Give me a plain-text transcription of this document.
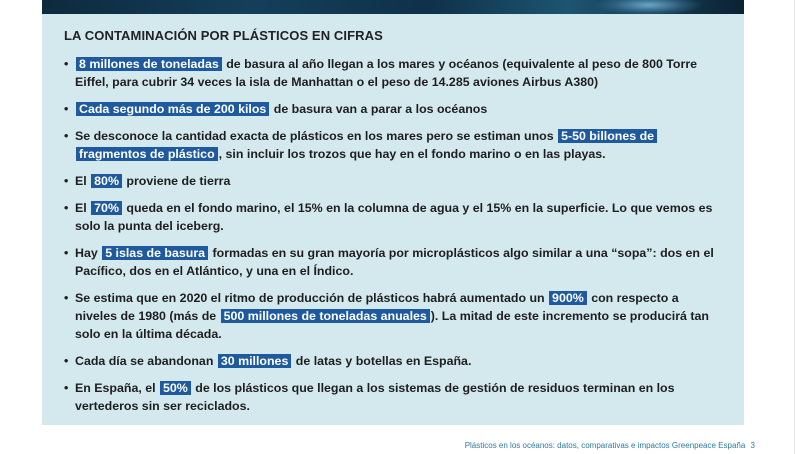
LA CONTAMINACIÓN POR PLÁSTICOS EN CIFRAS
• 8 millones de toneladas de basura al año llegan a los mares y océanos (equivalente al peso de 800 Torre Eiffel, para cubrir 34 veces la isla de Manhattan o el peso de 14.285 aviones Airbus A380)
• Cada segundo más de 200 kilos de basura van a parar a los océanos
• Se desconoce la cantidad exacta de plásticos en los mares pero se estiman unos 5-50 billones de fragmentos de plástico , sin incluir los trozos que hay en el fondo marino o en las playas.
• El 80% proviene de tierra
• El 70% queda en el fondo marino, el 15% en la columna de agua y el 15% en la superficie. Lo que vemos es solo la punta del iceberg.
• Hay 5 islas de basura formadas en su gran mayoría por microplásticos algo similar a una “sopa”: dos en el Pacífico, dos en el Atlántico, y una en el Índico.
• Se estima que en 2020 el ritmo de producción de plásticos habrá aumentado un 900% con respecto a niveles de 1980 (más de 500 millones de toneladas anuales ). La mitad de este incremento se producirá tan solo en la última década.
• Cada día se abandonan 30 millones de latas y botellas en España.
• En España, el 50% de los plásticos que llegan a los sistemas de gestión de residuos terminan en los vertederos sin ser reciclados.
Plásticos en los océanos: datos, comparativas e impactos Greenpeace España 3
